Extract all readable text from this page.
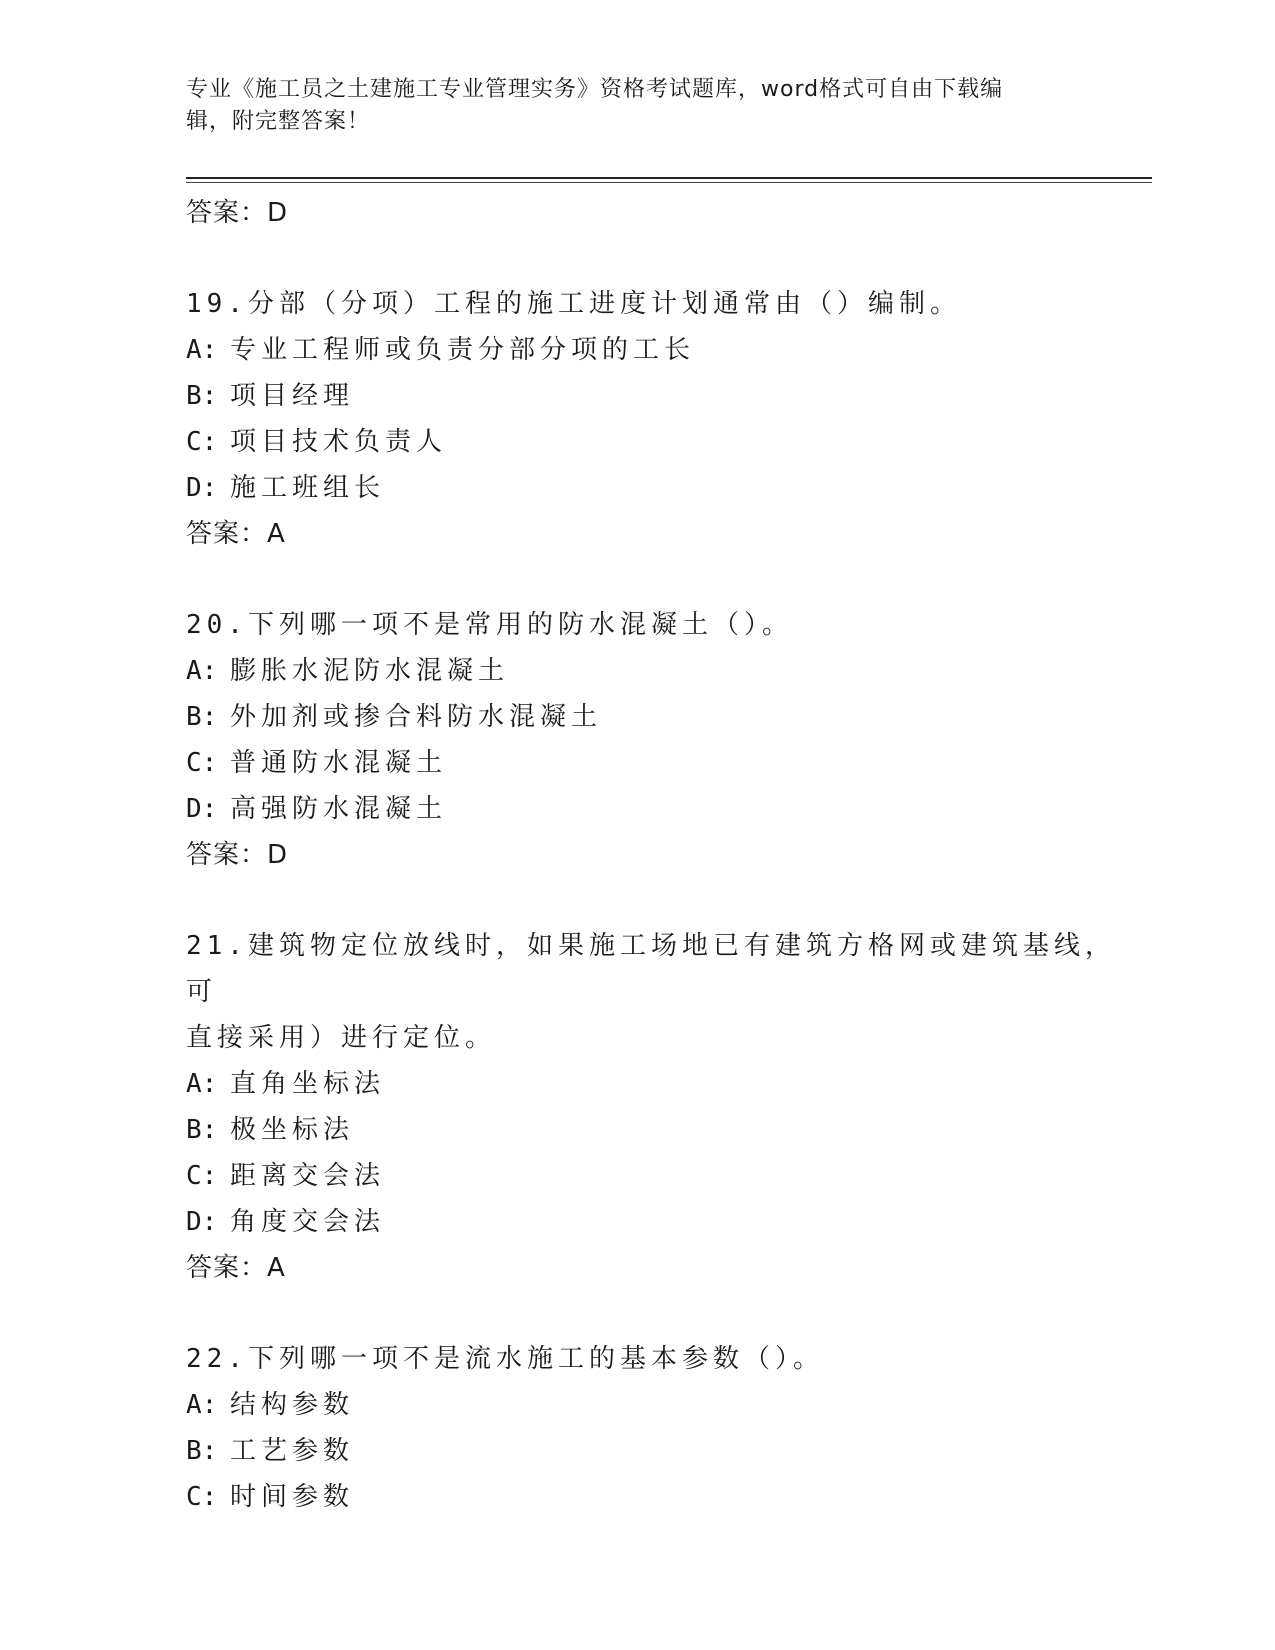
专业《施工员之土建施工专业管理实务》资格考试题库，word格式可自由下载编
辑，附完整答案！
答案：D
19.分部（分项）工程的施工进度计划通常由（）编制。
A: 专业工程师或负责分部分项的工长
B: 项目经理
C: 项目技术负责人
D: 施工班组长
答案：A
20.下列哪一项不是常用的防水混凝土（）。
A: 膨胀水泥防水混凝土
B: 外加剂或掺合料防水混凝土
C: 普通防水混凝土
D: 高强防水混凝土
答案：D
21.建筑物定位放线时，如果施工场地已有建筑方格网或建筑基线，可
直接采用）进行定位。
A: 直角坐标法
B: 极坐标法
C: 距离交会法
D: 角度交会法
答案：A
22.下列哪一项不是流水施工的基本参数（）。
A: 结构参数
B: 工艺参数
C: 时间参数
